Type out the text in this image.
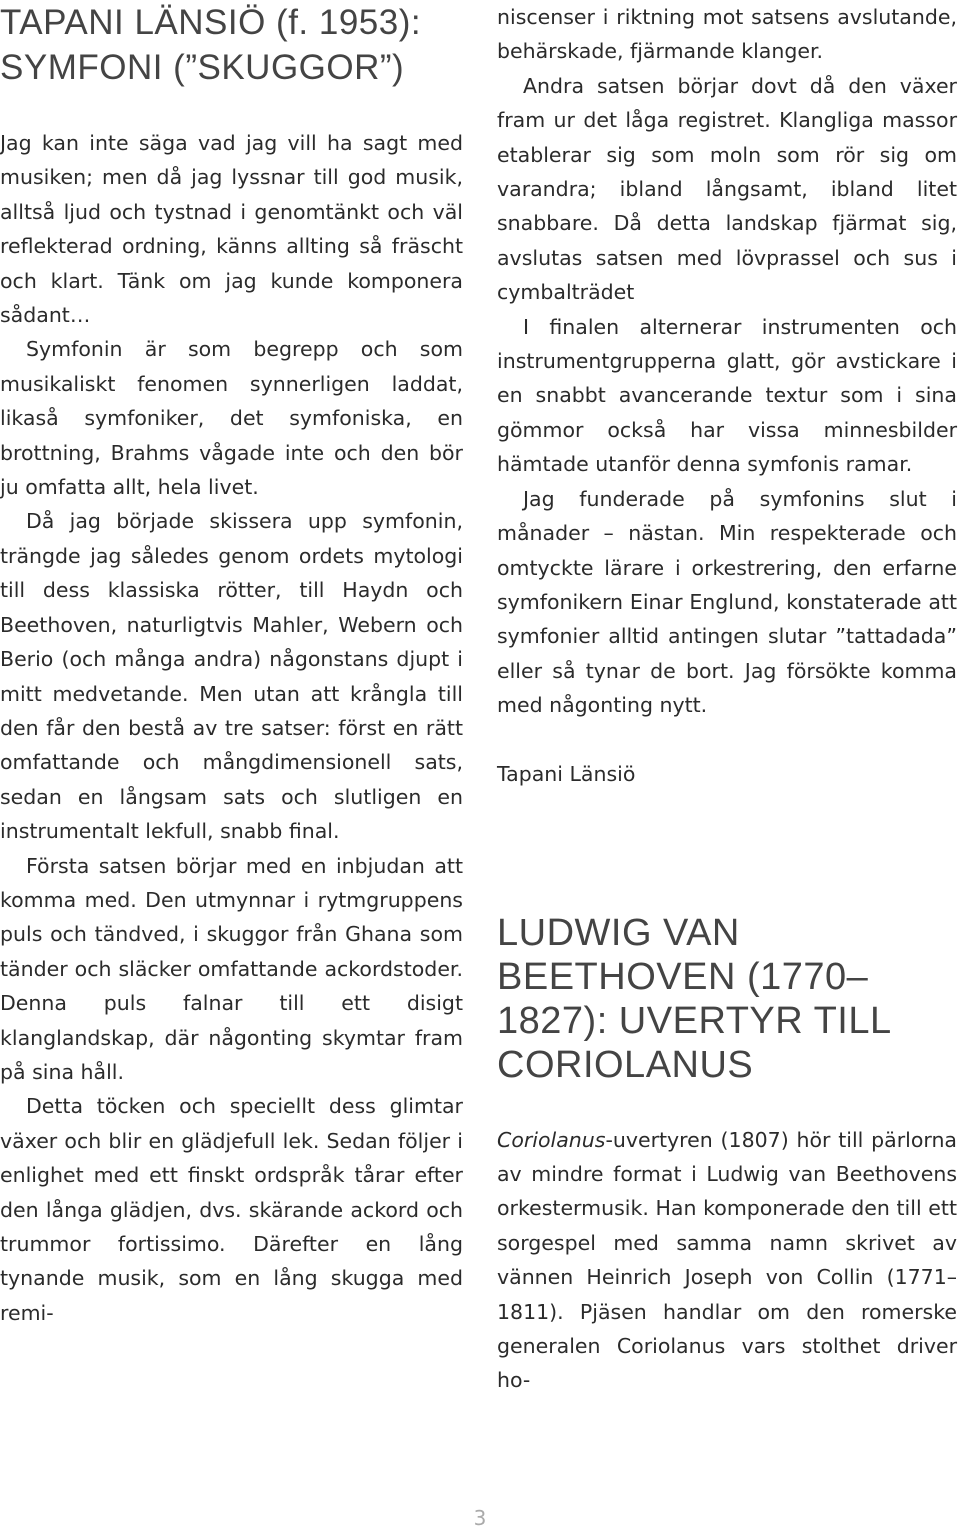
TAPANI LÄNSIÖ (f. 1953): SYMFONI (”SKUGGOR”)

Jag kan inte säga vad jag vill ha sagt med musiken; men då jag lyssnar till god musik, alltså ljud och tystnad i genomtänkt och väl reflekterad ordning, känns allting så fräscht och klart. Tänk om jag kunde komponera sådant…

Symfonin är som begrepp och som musikaliskt fenomen synnerligen laddat, likaså symfoniker, det symfoniska, en brottning, Brahms vågade inte och den bör ju omfatta allt, hela livet.

Då jag började skissera upp symfonin, trängde jag således genom ordets mytologi till dess klassiska rötter, till Haydn och Beethoven, naturligtvis Mahler, Webern och Berio (och många andra) någonstans djupt i mitt medvetande. Men utan att krångla till den får den bestå av tre satser: först en rätt omfattande och mångdimensionell sats, sedan en långsam sats och slutligen en instrumentalt lekfull, snabb final.

Första satsen börjar med en inbjudan att komma med. Den utmynnar i rytmgruppens puls och tändved, i skuggor från Ghana som tänder och släcker omfattande ackordstoder. Denna puls falnar till ett disigt klanglandskap, där någonting skymtar fram på sina håll.

Detta töcken och speciellt dess glimtar växer och blir en glädjefull lek. Sedan följer i enlighet med ett finskt ordspråk tårar efter den långa glädjen, dvs. skärande ackord och trummor fortissimo. Därefter en lång tynande musik, som en lång skugga med remi-

niscenser i riktning mot satsens avslutande, behärskade, fjärmande klanger.

Andra satsen börjar dovt då den växer fram ur det låga registret. Klangliga massor etablerar sig som moln som rör sig om varandra; ibland långsamt, ibland litet snabbare. Då detta landskap fjärmat sig, avslutas satsen med lövprassel och sus i cymbalträdet

I finalen alternerar instrumenten och instrumentgrupperna glatt, gör avstickare i en snabbt avancerande textur som i sina gömmor också har vissa minnesbilder hämtade utanför denna symfonis ramar.

Jag funderade på symfonins slut i månader – nästan. Min respekterade och omtyckte lärare i orkestrering, den erfarne symfonikern Einar Englund, konstaterade att symfonier alltid antingen slutar ”tattadada” eller så tynar de bort. Jag försökte komma med någonting nytt.

Tapani Länsiö
LUDWIG VAN BEETHOVEN (1770–1827): UVERTYR TILL CORIOLANUS

Coriolanus-uvertyren (1807) hör till pärlorna av mindre format i Ludwig van Beethovens orkestermusik. Han komponerade den till ett sorgespel med samma namn skrivet av vännen Heinrich Joseph von Collin (1771–1811). Pjäsen handlar om den romerske generalen Coriolanus vars stolthet driver ho-

3
